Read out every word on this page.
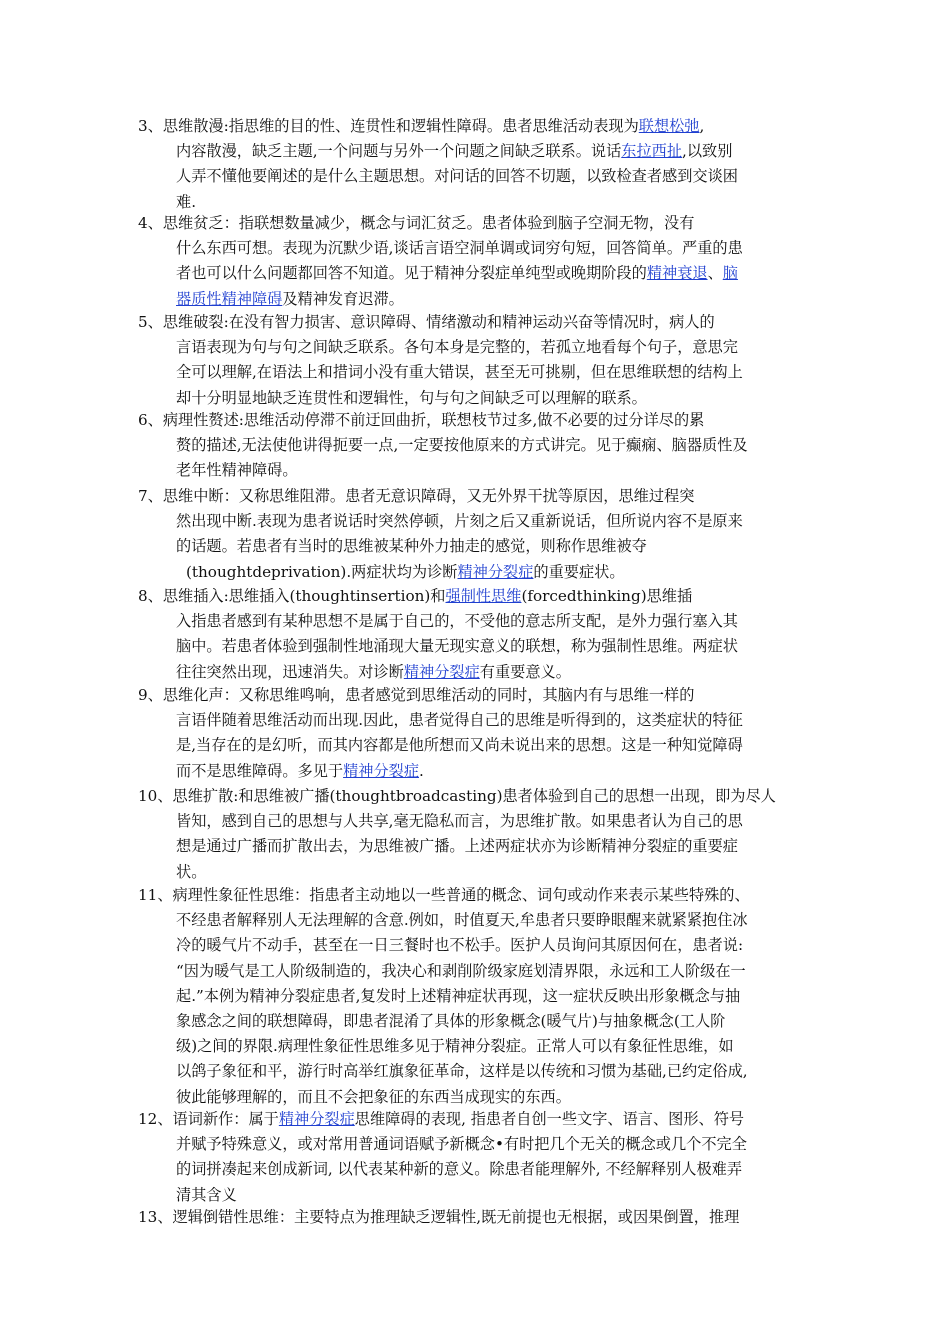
3、思维散漫:指思维的目的性、连贯性和逻辑性障碍。患者思维活动表现为联想松弛,
内容散漫，缺乏主题,一个问题与另外一个问题之间缺乏联系。说话东拉西扯,以致别
人弄不懂他要阐述的是什么主题思想。对问话的回答不切题，以致检查者感到交谈困
难.
4、思维贫乏：指联想数量减少，概念与词汇贫乏。患者体验到脑子空洞无物，没有
什么东西可想。表现为沉默少语,谈话言语空洞单调或词穷句短，回答简单。严重的患
者也可以什么问题都回答不知道。见于精神分裂症单纯型或晚期阶段的精神衰退、脑
器质性精神障碍及精神发育迟滞。
5、思维破裂:在没有智力损害、意识障碍、情绪激动和精神运动兴奋等情况时，病人的
言语表现为句与句之间缺乏联系。各句本身是完整的，若孤立地看每个句子，意思完
全可以理解,在语法上和措词小没有重大错误，甚至无可挑剔，但在思维联想的结构上
却十分明显地缺乏连贯性和逻辑性，句与句之间缺乏可以理解的联系。
6、病理性赘述:思维活动停滞不前迂回曲折，联想枝节过多,做不必要的过分详尽的累
赘的描述,无法使他讲得扼要一点,一定要按他原来的方式讲完。见于癫痫、脑器质性及
老年性精神障碍。
7、思维中断：又称思维阻滞。患者无意识障碍，又无外界干扰等原因，思维过程突
然出现中断.表现为患者说话时突然停顿，片刻之后又重新说话，但所说内容不是原来
的话题。若患者有当时的思维被某种外力抽走的感觉，则称作思维被夺
(thoughtdeprivation).两症状均为诊断精神分裂症的重要症状。
8、思维插入:思维插入(thoughtinsertion)和强制性思维(forcedthinking)思维插
入指患者感到有某种思想不是属于自己的，不受他的意志所支配，是外力强行塞入其
脑中。若患者体验到强制性地涌现大量无现实意义的联想，称为强制性思维。两症状
往往突然出现，迅速消失。对诊断精神分裂症有重要意义。
9、思维化声：又称思维鸣响，患者感觉到思维活动的同时，其脑内有与思维一样的
言语伴随着思维活动而出现.因此，患者觉得自己的思维是听得到的，这类症状的特征
是,当存在的是幻听，而其内容都是他所想而又尚未说出来的思想。这是一种知觉障碍
而不是思维障碍。多见于精神分裂症.
10、思维扩散:和思维被广播(thoughtbroadcasting)患者体验到自己的思想一出现，即为尽人
皆知，感到自己的思想与人共享,毫无隐私而言，为思维扩散。如果患者认为自己的思
想是通过广播而扩散出去，为思维被广播。上述两症状亦为诊断精神分裂症的重要症
状。
11、病理性象征性思维：指患者主动地以一些普通的概念、词句或动作来表示某些特殊的、
不经患者解释别人无法理解的含意.例如，时值夏天,牟患者只要睁眼醒来就紧紧抱住冰
冷的暖气片不动手，甚至在一日三餐时也不松手。医护人员询问其原因何在，患者说:
“因为暖气是工人阶级制造的，我决心和剥削阶级家庭划清界限，永远和工人阶级在一
起.”本例为精神分裂症患者,复发时上述精神症状再现，这一症状反映出形象概念与抽
象感念之间的联想障碍，即患者混淆了具体的形象概念(暖气片)与抽象概念(工人阶
级)之间的界限.病理性象征性思维多见于精神分裂症。正常人可以有象征性思维，如
以鸽子象征和平，游行时高举红旗象征革命，这样是以传统和习惯为基础,已约定俗成,
彼此能够理解的，而且不会把象征的东西当成现实的东西。
12、语词新作：属于精神分裂症思维障碍的表现, 指患者自创一些文字、语言、图形、符号
并赋予特殊意义，或对常用普通词语赋予新概念•有时把几个无关的概念或几个不完全
的词拼凑起来创成新词, 以代表某种新的意义。除患者能理解外, 不经解释别人极难弄
清其含义
13、逻辑倒错性思维：主要特点为推理缺乏逻辑性,既无前提也无根据，或因果倒置，推理
